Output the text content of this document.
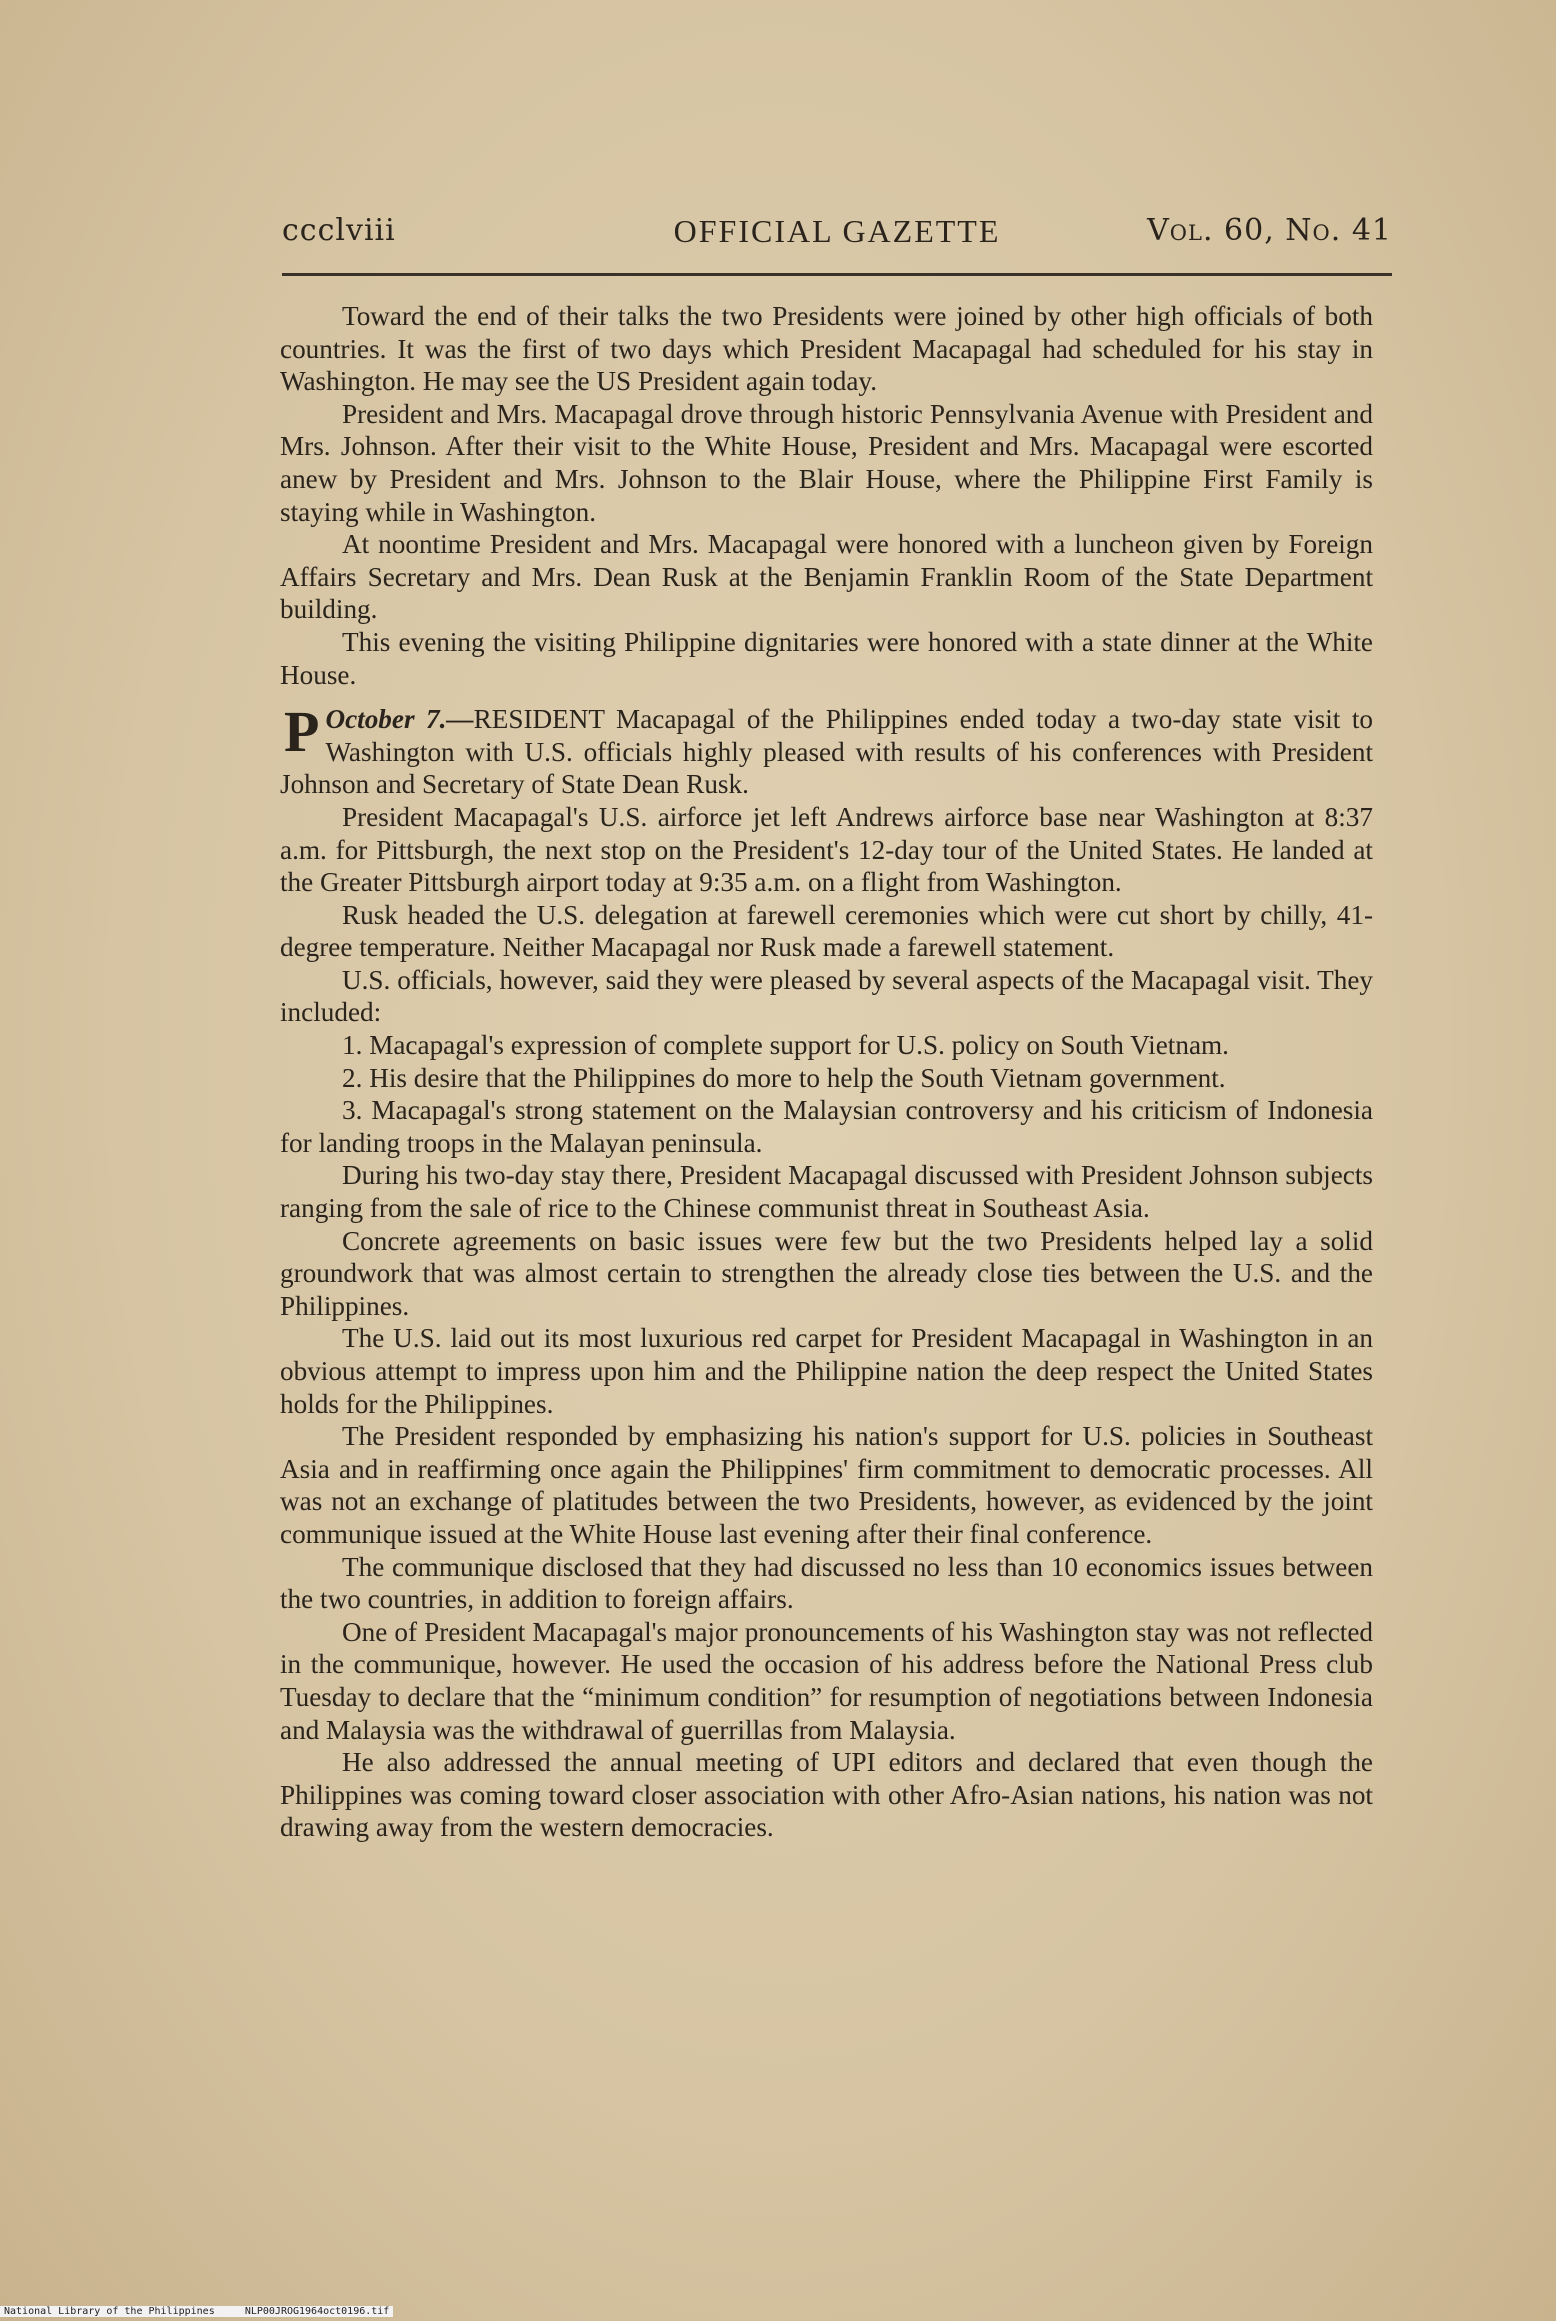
ccclviii	OFFICIAL GAZETTE	Vol. 60, No. 41

Toward the end of their talks the two Presidents were joined by other high officials of both countries. It was the first of two days which President Macapagal had scheduled for his stay in Washington. He may see the US President again today.

President and Mrs. Macapagal drove through historic Pennsylvania Avenue with President and Mrs. Johnson. After their visit to the White House, President and Mrs. Macapagal were escorted anew by President and Mrs. Johnson to the Blair House, where the Philippine First Family is staying while in Washington.

At noontime President and Mrs. Macapagal were honored with a luncheon given by Foreign Affairs Secretary and Mrs. Dean Rusk at the Benjamin Franklin Room of the State Department building.

This evening the visiting Philippine dignitaries were honored with a state dinner at the White House.

October 7.—
P	RESIDENT Macapagal of the Philippines ended today a two-day state visit to Washington with U.S. officials highly pleased with results of his conferences with President Johnson and Secretary of State Dean Rusk.

President Macapagal's U.S. airforce jet left Andrews airforce base near Washington at 8:37 a.m. for Pittsburgh, the next stop on the President's 12-day tour of the United States. He landed at the Greater Pittsburgh airport today at 9:35 a.m. on a flight from Washington.

Rusk headed the U.S. delegation at farewell ceremonies which were cut short by chilly, 41-degree temperature. Neither Macapagal nor Rusk made a farewell statement.

U.S. officials, however, said they were pleased by several aspects of the Macapagal visit. They included:

1. Macapagal's expression of complete support for U.S. policy on South Vietnam.

2. His desire that the Philippines do more to help the South Vietnam government.

3. Macapagal's strong statement on the Malaysian controversy and his criticism of Indonesia for landing troops in the Malayan peninsula.

During his two-day stay there, President Macapagal discussed with President Johnson subjects ranging from the sale of rice to the Chinese communist threat in Southeast Asia.

Concrete agreements on basic issues were few but the two Presidents helped lay a solid groundwork that was almost certain to strengthen the already close ties between the U.S. and the Philippines.

The U.S. laid out its most luxurious red carpet for President Macapagal in Washington in an obvious attempt to impress upon him and the Philippine nation the deep respect the United States holds for the Philippines.

The President responded by emphasizing his nation's support for U.S. policies in Southeast Asia and in reaffirming once again the Philippines' firm commitment to democratic processes. All was not an exchange of platitudes between the two Presidents, however, as evidenced by the joint communique issued at the White House last evening after their final conference.

The communique disclosed that they had discussed no less than 10 economics issues between the two countries, in addition to foreign affairs.

One of President Macapagal's major pronouncements of his Washington stay was not reflected in the communique, however. He used the occasion of his address before the National Press club Tuesday to declare that the “minimum condition” for resumption of negotiations between Indonesia and Malaysia was the withdrawal of guerrillas from Malaysia.

He also addressed the annual meeting of UPI editors and declared that even though the Philippines was coming toward closer association with other Afro-Asian nations, his nation was not drawing away from the western democracies.

National Library of the Philippines     NLP00JROG1964oct0196.tif
